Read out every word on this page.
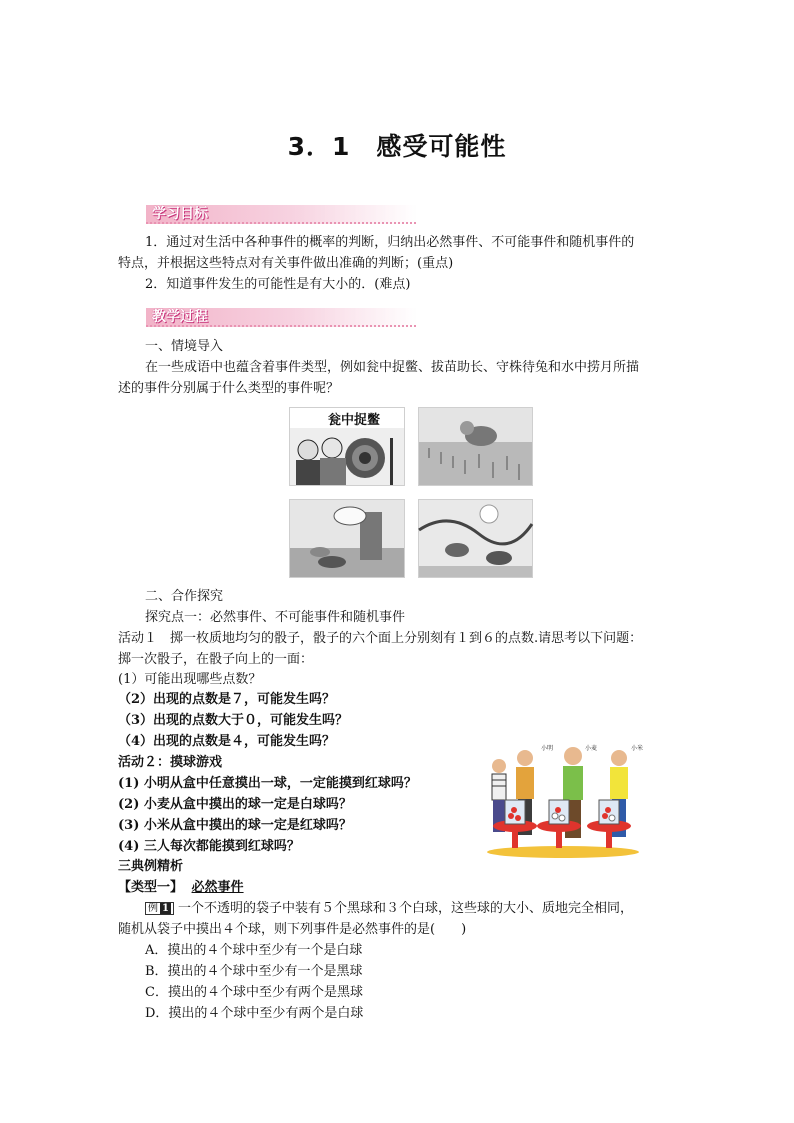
3．1　感受可能性
学习目标
1．通过对生活中各种事件的概率的判断，归纳出必然事件、不可能事件和随机事件的
特点，并根据这些特点对有关事件做出准确的判断；(重点)
2．知道事件发生的可能性是有大小的．(难点)
教学过程
一、情境导入
在一些成语中也蕴含着事件类型，例如瓮中捉鳖、拔苗助长、守株待兔和水中捞月所描
述的事件分别属于什么类型的事件呢？
瓮中捉鳖
二、合作探究
探究点一：必然事件、不可能事件和随机事件
活动１　掷一枚质地均匀的骰子，骰子的六个面上分别刻有１到６的点数.请思考以下问题：
掷一次骰子，在骰子向上的一面：
(1）可能出现哪些点数？
（2）出现的点数是７，可能发生吗？
（3）出现的点数大于０，可能发生吗？
（4）出现的点数是４，可能发生吗？
活动２：摸球游戏
(1) 小明从盒中任意摸出一球，一定能摸到红球吗？
(2) 小麦从盒中摸出的球一定是白球吗？
(3) 小米从盒中摸出的球一定是红球吗？
(4) 三人每次都能摸到红球吗？
小明	小麦	小米
三典例精析
【类型一】 必然事件
例 1 一个不透明的袋子中装有５个黑球和３个白球，这些球的大小、质地完全相同，
随机从袋子中摸出４个球，则下列事件是必然事件的是(　　)
A．摸出的４个球中至少有一个是白球
B．摸出的４个球中至少有一个是黑球
C．摸出的４个球中至少有两个是黑球
D．摸出的４个球中至少有两个是白球
